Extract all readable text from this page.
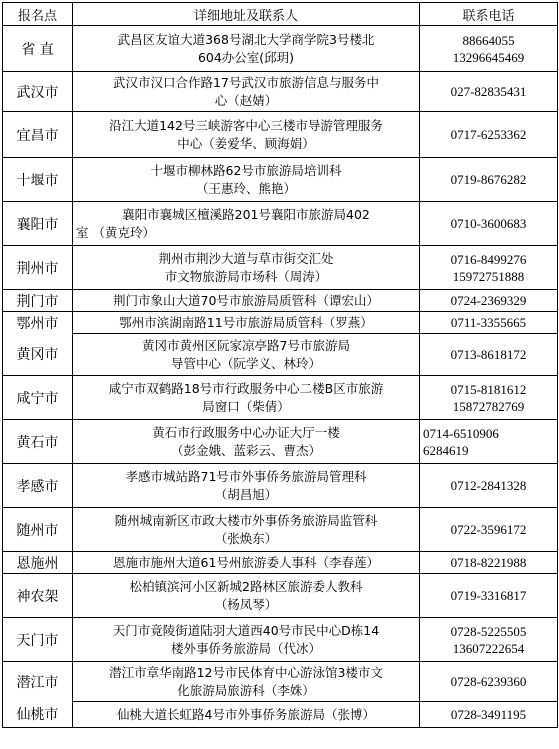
报名点	详细地址及联系人	联系电话
省 直	武昌区友谊大道368号湖北大学商学院3号楼北
604办公室(邱玥)	88664055
13296645469

武汉市	武汉市汉口合作路17号武汉市旅游信息与服务中
心（赵婧）	027-82835431

宜昌市	沿江大道142号三峡游客中心三楼市导游管理服务
中心（姜爱华、顾海娟）	0717-6253362

十堰市	十堰市柳林路62号市旅游局培训科
（王惠玲、熊艳）	0719-8676282

襄阳市	襄阳市襄城区檀溪路201号襄阳市旅游局402
室 （黄克玲）	0710-3600683

荆州市	荆州市荆沙大道与草市街交汇处
市文物旅游局市场科（周涛）	0716-8499276
15972751888

荆门市	荆门市象山大道70号市旅游局质管科（谭宏山）	0724-2369329

鄂州市	鄂州市滨湖南路11号市旅游局质管科（罗燕）	0711-3355665

黄冈市	黄冈市黄州区阮家凉亭路7号市旅游局
导管中心（阮学义、林玲）	0713-8618172

咸宁市	咸宁市双鹤路18号市行政服务中心二楼B区市旅游
局窗口（柴倩）	0715-8181612
15872782769

黄石市	黄石市行政服务中心办证大厅一楼
（彭金娥、蓝彩云、曹杰）	0714-6510906
6284619

孝感市	孝感市城站路71号市外事侨务旅游局管理科
（胡昌旭）	0712-2841328

随州市	随州城南新区市政大楼市外事侨务旅游局监管科
（张焕东）	0722-3596172

恩施州	恩施市施州大道61号州旅游委人事科（李春莲）	0718-8221988

神农架	松柏镇滨河小区新城2路林区旅游委人教科
（杨凤琴）	0719-3316817

天门市	天门市竟陵街道陆羽大道西40号市民中心D栋14
楼外事侨务旅游局（代冰）	0728-5225505
13607222654

潜江市	潜江市章华南路12号市民体育中心游泳馆3楼市文
化旅游局旅游科（李姝）	0728-6239360

仙桃市	仙桃大道长虹路4号市外事侨务旅游局（张博）	0728-3491195
